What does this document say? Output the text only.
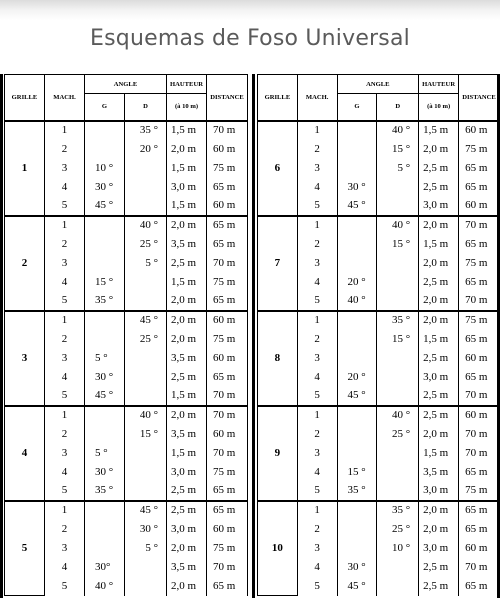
Esquemas de Foso Universal
GRILLE	MACH.	ANGLE		HAUTEUR	DISTANCE
		G	D	(à 10 m)	
1	1		35 °	1,5 m	70 m
	2		20 °	2,0 m	60 m
	3	10 °		1,5 m	75 m
	4	30 °		3,0 m	65 m
	5	45 °		1,5 m	60 m
2	1		40 °	2,0 m	65 m
	2		25 °	3,5 m	65 m
	3		5 °	2,5 m	70 m
	4	15 °		1,5 m	75 m
	5	35 °		2,0 m	65 m
3	1		45 °	2,0 m	60 m
	2		25 °	2,0 m	75 m
	3	5 °		3,5 m	60 m
	4	30 °		2,5 m	65 m
	5	45 °		1,5 m	70 m
4	1		40 °	2,0 m	70 m
	2		15 °	3,5 m	60 m
	3	5 °		1,5 m	70 m
	4	30 °		3,0 m	75 m
	5	35 °		2,5 m	65 m
5	1		45 °	2,5 m	65 m
	2		30 °	3,0 m	60 m
	3		5 °	2,0 m	75 m
	4	30°		3,5 m	70 m
	5	40 °		2,0 m	65 m
GRILLE	MACH.	ANGLE		HAUTEUR	DISTANCE
		G	D	(à 10 m)	
6	1		40 °	1,5 m	60 m
	2		15 °	2,0 m	75 m
	3		5 °	2,5 m	65 m
	4	30 °		2,5 m	65 m
	5	45 °		3,0 m	60 m
7	1		40 °	2,0 m	70 m
	2		15 °	1,5 m	65 m
	3			2,0 m	75 m
	4	20 °		2,5 m	65 m
	5	40 °		2,0 m	70 m
8	1		35 °	2,0 m	75 m
	2		15 °	1,5 m	65 m
	3			2,5 m	60 m
	4	20 °		3,0 m	65 m
	5	45 °		2,5 m	70 m
9	1		40 °	2,5 m	60 m
	2		25 °	2,0 m	70 m
	3			1,5 m	70 m
	4	15 °		3,5 m	65 m
	5	35 °		3,0 m	75 m
10	1		35 °	2,0 m	65 m
	2		25 °	2,0 m	65 m
	3		10 °	3,0 m	60 m
	4	30 °		2,5 m	70 m
	5	45 °		2,5 m	65 m
